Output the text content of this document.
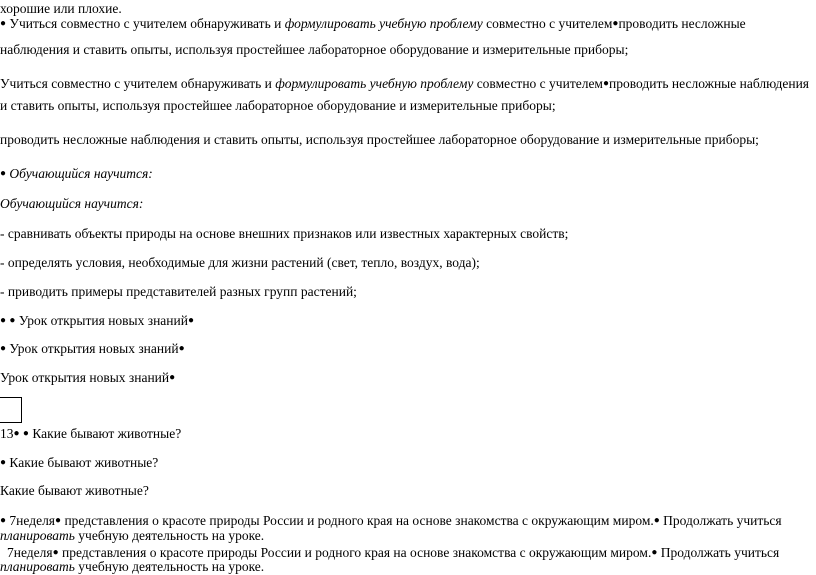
хорошие или плохие.
● Учиться совместно с учителем обнаруживать и формулировать учебную проблему совместно с учителем●проводить несложные
наблюдения и ставить опыты, используя простейшее лабораторное оборудование и измерительные приборы;
Учиться совместно с учителем обнаруживать и формулировать учебную проблему совместно с учителем●проводить несложные наблюдения
и ставить опыты, используя простейшее лабораторное оборудование и измерительные приборы;
проводить несложные наблюдения и ставить опыты, используя простейшее лабораторное оборудование и измерительные приборы;
● Обучающийся научится:
Обучающийся научится:
- сравнивать объекты природы на основе внешних признаков или известных характерных свойств;
- определять условия, необходимые для жизни растений (свет, тепло, воздух, вода);
- приводить примеры представителей разных групп растений;
● ● Урок открытия новых знаний●
● Урок открытия новых знаний●
Урок открытия новых знаний●
13● ● Какие бывают животные?
● Какие бывают животные?
Какие бывают животные?
● 7неделя● представления о красоте природы России и родного края на основе знакомства с окружающим миром.● Продолжать учиться
планировать учебную деятельность на уроке.
7неделя● представления о красоте природы России и родного края на основе знакомства с окружающим миром.● Продолжать учиться
планировать учебную деятельность на уроке.
